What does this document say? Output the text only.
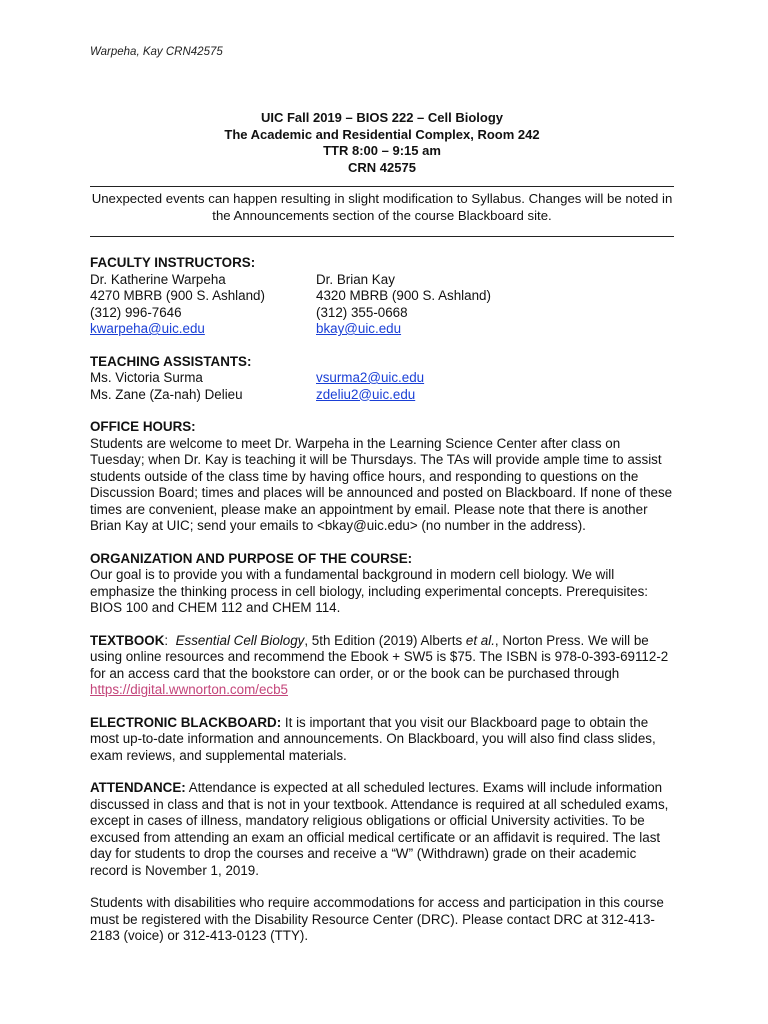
Warpeha, Kay CRN42575
UIC Fall 2019 – BIOS 222 – Cell Biology
The Academic and Residential Complex, Room 242
TTR 8:00 – 9:15 am
CRN 42575
Unexpected events can happen resulting in slight modification to Syllabus. Changes will be noted in the Announcements section of the course Blackboard site.
FACULTY INSTRUCTORS:
Dr. Katherine Warpeha	Dr. Brian Kay
4270 MBRB (900 S. Ashland)	4320 MBRB (900 S. Ashland)
(312) 996-7646	(312) 355-0668
kwarpeha@uic.edu	bkay@uic.edu
TEACHING ASSISTANTS:
Ms. Victoria Surma	vsurma2@uic.edu
Ms. Zane (Za-nah) Delieu	zdeliu2@uic.edu
OFFICE HOURS:

Students are welcome to meet Dr. Warpeha in the Learning Science Center after class on Tuesday; when Dr. Kay is teaching it will be Thursdays. The TAs will provide ample time to assist students outside of the class time by having office hours, and responding to questions on the Discussion Board; times and places will be announced and posted on Blackboard. If none of these times are convenient, please make an appointment by email. Please note that there is another Brian Kay at UIC; send your emails to <bkay@uic.edu> (no number in the address).

ORGANIZATION AND PURPOSE OF THE COURSE:

Our goal is to provide you with a fundamental background in modern cell biology. We will emphasize the thinking process in cell biology, including experimental concepts. Prerequisites: BIOS 100 and CHEM 112 and CHEM 114.

TEXTBOOK: Essential Cell Biology, 5th Edition (2019) Alberts et al., Norton Press. We will be using online resources and recommend the Ebook + SW5 is $75. The ISBN is 978-0-393-69112-2 for an access card that the bookstore can order, or or the book can be purchased through https://digital.wwnorton.com/ecb5

ELECTRONIC BLACKBOARD: It is important that you visit our Blackboard page to obtain the most up-to-date information and announcements. On Blackboard, you will also find class slides, exam reviews, and supplemental materials.

ATTENDANCE: Attendance is expected at all scheduled lectures. Exams will include information discussed in class and that is not in your textbook. Attendance is required at all scheduled exams, except in cases of illness, mandatory religious obligations or official University activities. To be excused from attending an exam an official medical certificate or an affidavit is required. The last day for students to drop the courses and receive a “W” (Withdrawn) grade on their academic record is November 1, 2019.

Students with disabilities who require accommodations for access and participation in this course must be registered with the Disability Resource Center (DRC). Please contact DRC at 312-413-2183 (voice) or 312-413-0123 (TTY).
